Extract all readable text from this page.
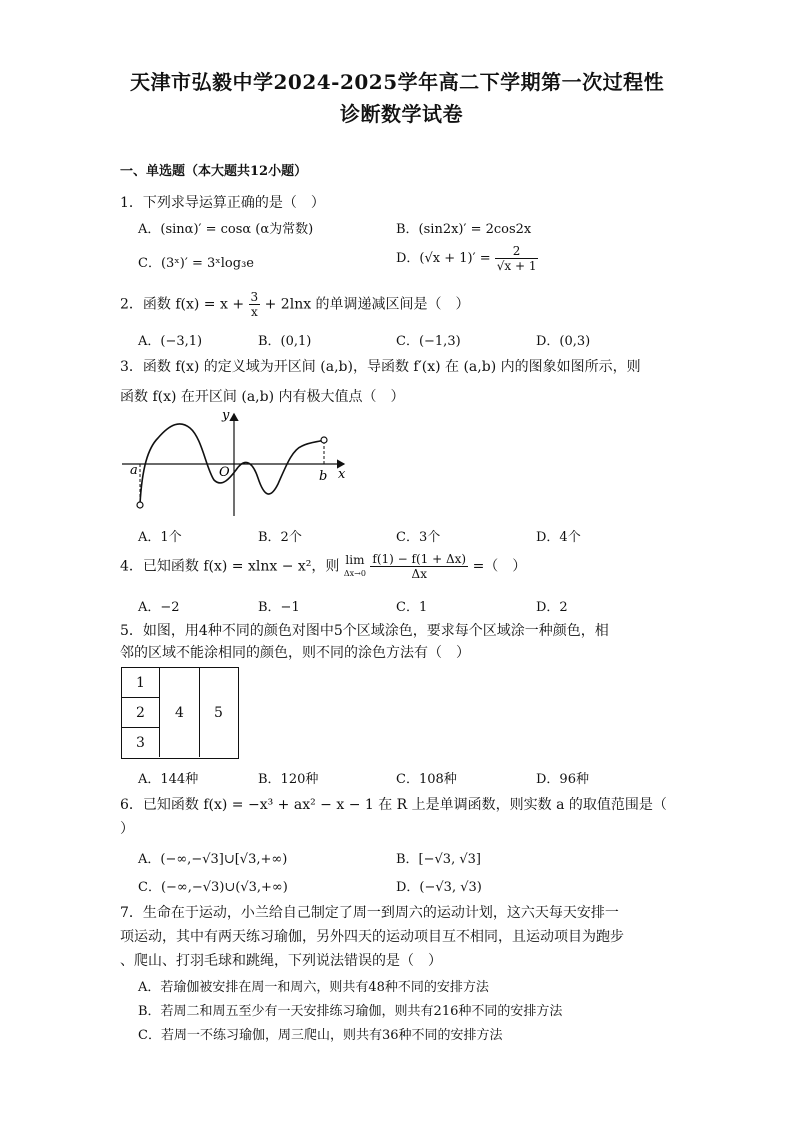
天津市弘毅中学2024-2025学年高二下学期第一次过程性
诊断数学试卷
一、单选题（本大题共12小题）
1．下列求导运算正确的是（　）
A．(sinα)′ = cosα (α为常数)	B．(sin2x)′ = 2cos2x
C．(3ˣ)′ = 3ˣlog₃e	D．$(√x + 1)' = \frac{2}{√x + 1}$
2．函数 $f(x) = x + \frac{3}{x} + 2\ln x$ 的单调递减区间是（　）
A．(−3,1)	B．(0,1)	C．(−1,3)	D．(0,3)
3．函数 f(x) 的定义域为开区间 (a,b)，导函数 f′(x) 在 (a,b) 内的图象如图所示，则
函数 f(x) 在开区间 (a,b) 内有极大值点（　）
y
x
O
a	b
A．1个	B．2个	C．3个	D．4个
4．已知函数 f(x) = xlnx − x²，则 lim
Δx→0
$\frac{f(1) - f(1 + \Delta x)}{\Delta x}$ =（　）
A．−2	B．−1	C．1	D．2
5．如图，用4种不同的颜色对图中5个区域涂色，要求每个区域涂一种颜色，相
邻的区域不能涂相同的颜色，则不同的涂色方法有（　）
1
2
3
4	5
A．144种	B．120种	C．108种	D．96种
6．已知函数 f(x) = −x³ + ax² − x − 1 在 R 上是单调函数，则实数 a 的取值范围是（
）
A．(−∞,−√3]∪[√3,+∞)	B．[−√3, √3]
C．(−∞,−√3)∪(√3,+∞)	D．(−√3, √3)
7．生命在于运动，小兰给自己制定了周一到周六的运动计划，这六天每天安排一
项运动，其中有两天练习瑜伽，另外四天的运动项目互不相同，且运动项目为跑步
、爬山、打羽毛球和跳绳，下列说法错误的是（　）
A．若瑜伽被安排在周一和周六，则共有48种不同的安排方法
B．若周二和周五至少有一天安排练习瑜伽，则共有216种不同的安排方法
C．若周一不练习瑜伽，周三爬山，则共有36种不同的安排方法
